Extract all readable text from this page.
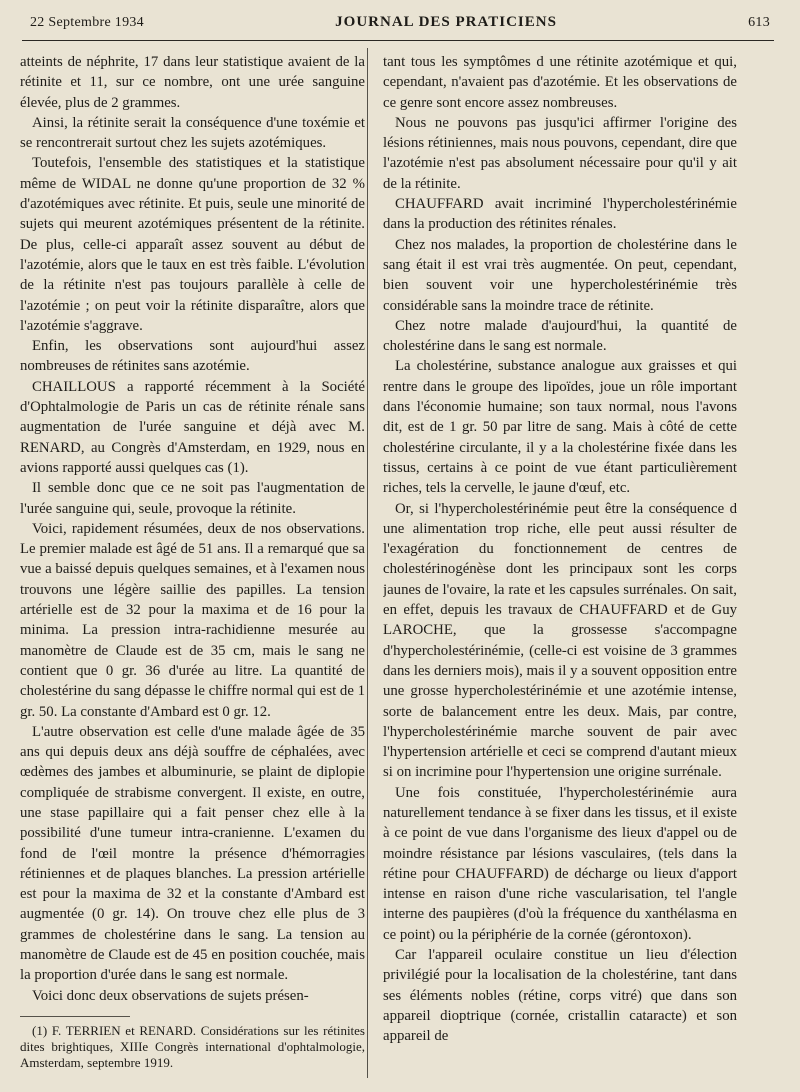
22 Septembre 1934	JOURNAL DES PRATICIENS	613

atteints de néphrite, 17 dans leur statistique avaient de la rétinite et 11, sur ce nombre, ont une urée sanguine élevée, plus de 2 grammes.

Ainsi, la rétinite serait la conséquence d'une toxémie et se rencontrerait surtout chez les sujets azotémiques.

Toutefois, l'ensemble des statistiques et la statistique même de WIDAL ne donne qu'une proportion de 32 % d'azotémiques avec rétinite. Et puis, seule une minorité de sujets qui meurent azotémiques présentent de la rétinite. De plus, celle-ci apparaît assez souvent au début de l'azotémie, alors que le taux en est très faible. L'évolution de la rétinite n'est pas toujours parallèle à celle de l'azotémie ; on peut voir la rétinite disparaître, alors que l'azotémie s'aggrave.

Enfin, les observations sont aujourd'hui assez nombreuses de rétinites sans azotémie.

CHAILLOUS a rapporté récemment à la Société d'Ophtalmologie de Paris un cas de rétinite rénale sans augmentation de l'urée sanguine et déjà avec M. RENARD, au Congrès d'Amsterdam, en 1929, nous en avions rapporté aussi quelques cas (1).

Il semble donc que ce ne soit pas l'augmentation de l'urée sanguine qui, seule, provoque la rétinite.

Voici, rapidement résumées, deux de nos observations. Le premier malade est âgé de 51 ans. Il a remarqué que sa vue a baissé depuis quelques semaines, et à l'examen nous trouvons une légère saillie des papilles. La tension artérielle est de 32 pour la maxima et de 16 pour la minima. La pression intra-rachidienne mesurée au manomètre de Claude est de 35 cm, mais le sang ne contient que 0 gr. 36 d'urée au litre. La quantité de cholestérine du sang dépasse le chiffre normal qui est de 1 gr. 50. La constante d'Ambard est 0 gr. 12.

L'autre observation est celle d'une malade âgée de 35 ans qui depuis deux ans déjà souffre de céphalées, avec œdèmes des jambes et albuminurie, se plaint de diplopie compliquée de strabisme convergent. Il existe, en outre, une stase papillaire qui a fait penser chez elle à la possibilité d'une tumeur intra-cranienne. L'examen du fond de l'œil montre la présence d'hémorragies rétiniennes et de plaques blanches. La pression artérielle est pour la maxima de 32 et la constante d'Ambard est augmentée (0 gr. 14). On trouve chez elle plus de 3 grammes de cholestérine dans le sang. La tension au manomètre de Claude est de 45 en position couchée, mais la proportion d'urée dans le sang est normale.

Voici donc deux observations de sujets présen-

(1) F. TERRIEN et RENARD. Considérations sur les rétinites dites brightiques, XIIIe Congrès international d'ophtalmologie, Amsterdam, septembre 1919.

tant tous les symptômes d une rétinite azotémique et qui, cependant, n'avaient pas d'azotémie. Et les observations de ce genre sont encore assez nombreuses.

Nous ne pouvons pas jusqu'ici affirmer l'origine des lésions rétiniennes, mais nous pouvons, cependant, dire que l'azotémie n'est pas absolument nécessaire pour qu'il y ait de la rétinite.

CHAUFFARD avait incriminé l'hypercholestérinémie dans la production des rétinites rénales.

Chez nos malades, la proportion de cholestérine dans le sang était il est vrai très augmentée. On peut, cependant, bien souvent voir une hypercholestérinémie très considérable sans la moindre trace de rétinite.

Chez notre malade d'aujourd'hui, la quantité de cholestérine dans le sang est normale.

La cholestérine, substance analogue aux graisses et qui rentre dans le groupe des lipoïdes, joue un rôle important dans l'économie humaine; son taux normal, nous l'avons dit, est de 1 gr. 50 par litre de sang. Mais à côté de cette cholestérine circulante, il y a la cholestérine fixée dans les tissus, certains à ce point de vue étant particulièrement riches, tels la cervelle, le jaune d'œuf, etc.

Or, si l'hypercholestérinémie peut être la conséquence d une alimentation trop riche, elle peut aussi résulter de l'exagération du fonctionnement de centres de cholestérinogénèse dont les principaux sont les corps jaunes de l'ovaire, la rate et les capsules surrénales. On sait, en effet, depuis les travaux de CHAUFFARD et de Guy LAROCHE, que la grossesse s'accompagne d'hypercholestérinémie, (celle-ci est voisine de 3 grammes dans les derniers mois), mais il y a souvent opposition entre une grosse hypercholestérinémie et une azotémie intense, sorte de balancement entre les deux. Mais, par contre, l'hypercholestérinémie marche souvent de pair avec l'hypertension artérielle et ceci se comprend d'autant mieux si on incrimine pour l'hypertension une origine surrénale.

Une fois constituée, l'hypercholestérinémie aura naturellement tendance à se fixer dans les tissus, et il existe à ce point de vue dans l'organisme des lieux d'appel ou de moindre résistance par lésions vasculaires, (tels dans la rétine pour CHAUFFARD) de décharge ou lieux d'apport intense en raison d'une riche vascularisation, tel l'angle interne des paupières (d'où la fréquence du xanthélasma en ce point) ou la périphérie de la cornée (gérontoxon).

Car l'appareil oculaire constitue un lieu d'élection privilégié pour la localisation de la cholestérine, tant dans ses éléments nobles (rétine, corps vitré) que dans son appareil dioptrique (cornée, cristallin cataracte) et son appareil de
